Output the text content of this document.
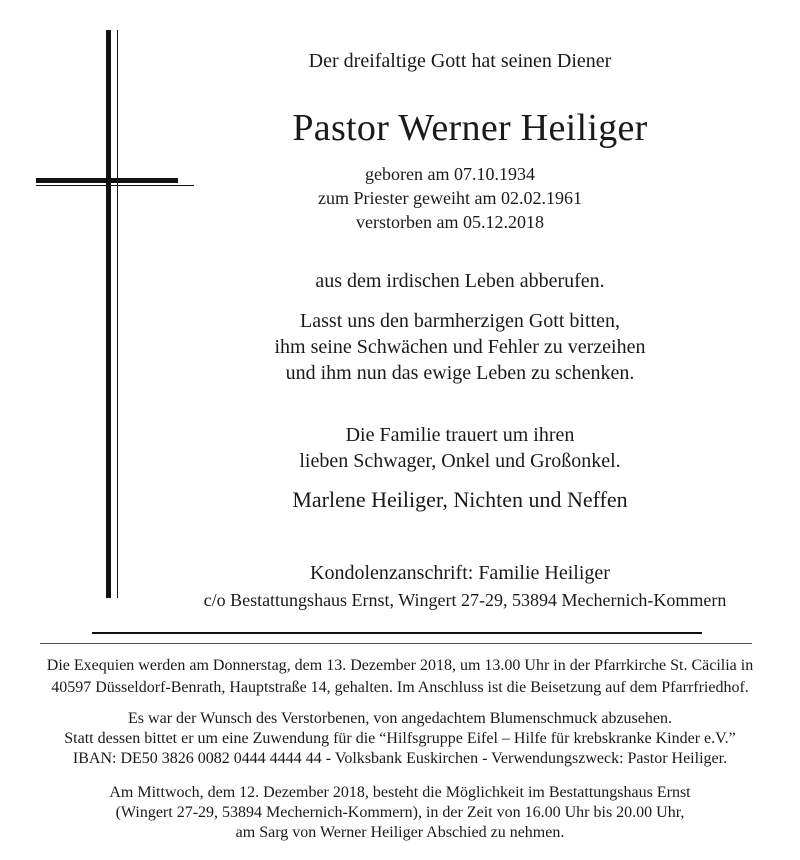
Der dreifaltige Gott hat seinen Diener
Pastor Werner Heiliger
geboren am 07.10.1934
zum Priester geweiht am 02.02.1961
verstorben am 05.12.2018
aus dem irdischen Leben abberufen.
Lasst uns den barmherzigen Gott bitten,
ihm seine Schwächen und Fehler zu verzeihen
und ihm nun das ewige Leben zu schenken.
Die Familie trauert um ihren
lieben Schwager, Onkel und Großonkel.
Marlene Heiliger, Nichten und Neffen
Kondolenzanschrift: Familie Heiliger
c/o Bestattungshaus Ernst, Wingert 27-29, 53894 Mechernich-Kommern
Die Exequien werden am Donnerstag, dem 13. Dezember 2018, um 13.00 Uhr in der Pfarrkirche St. Cäcilia in
40597 Düsseldorf-Benrath, Hauptstraße 14, gehalten. Im Anschluss ist die Beisetzung auf dem Pfarrfriedhof.
Es war der Wunsch des Verstorbenen, von angedachtem Blumenschmuck abzusehen.
Statt dessen bittet er um eine Zuwendung für die “Hilfsgruppe Eifel – Hilfe für krebskranke Kinder e.V.”
IBAN: DE50 3826 0082 0444 4444 44 - Volksbank Euskirchen - Verwendungszweck: Pastor Heiliger.
Am Mittwoch, dem 12. Dezember 2018, besteht die Möglichkeit im Bestattungshaus Ernst
(Wingert 27-29, 53894 Mechernich-Kommern), in der Zeit von 16.00 Uhr bis 20.00 Uhr,
am Sarg von Werner Heiliger Abschied zu nehmen.
